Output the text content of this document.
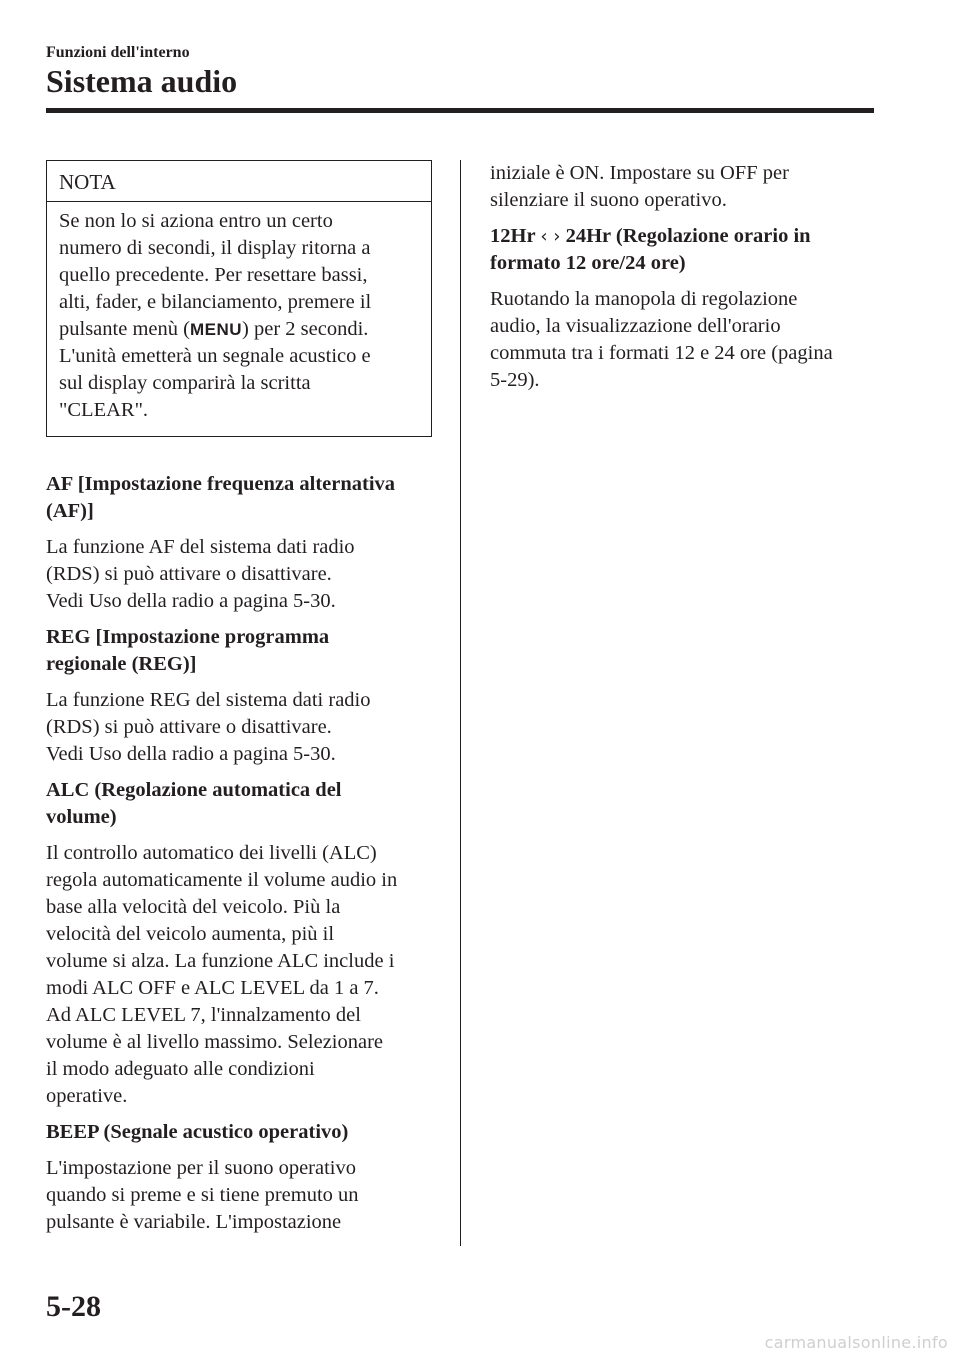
Funzioni dell'interno
Sistema audio
NOTA
Se non lo si aziona entro un certo
numero di secondi, il display ritorna a
quello precedente. Per resettare bassi,
alti, fader, e bilanciamento, premere il
pulsante menù (MENU) per 2 secondi.
L'unità emetterà un segnale acustico e
sul display comparirà la scritta
"CLEAR".
AF [Impostazione frequenza alternativa
(AF)]
La funzione AF del sistema dati radio
(RDS) si può attivare o disattivare.
Vedi Uso della radio a pagina 5-30.
REG [Impostazione programma
regionale (REG)]
La funzione REG del sistema dati radio
(RDS) si può attivare o disattivare.
Vedi Uso della radio a pagina 5-30.
ALC (Regolazione automatica del
volume)
Il controllo automatico dei livelli (ALC)
regola automaticamente il volume audio in
base alla velocità del veicolo. Più la
velocità del veicolo aumenta, più il
volume si alza. La funzione ALC include i
modi ALC OFF e ALC LEVEL da 1 a 7.
Ad ALC LEVEL 7, l'innalzamento del
volume è al livello massimo. Selezionare
il modo adeguato alle condizioni
operative.
BEEP (Segnale acustico operativo)
L'impostazione per il suono operativo
quando si preme e si tiene premuto un
pulsante è variabile. L'impostazione
iniziale è ON. Impostare su OFF per
silenziare il suono operativo.
12Hr ‹ › 24Hr (Regolazione orario in
formato 12 ore/24 ore)
Ruotando la manopola di regolazione
audio, la visualizzazione dell'orario
commuta tra i formati 12 e 24 ore (pagina
5-29).
5-28
carmanualsonline.info
